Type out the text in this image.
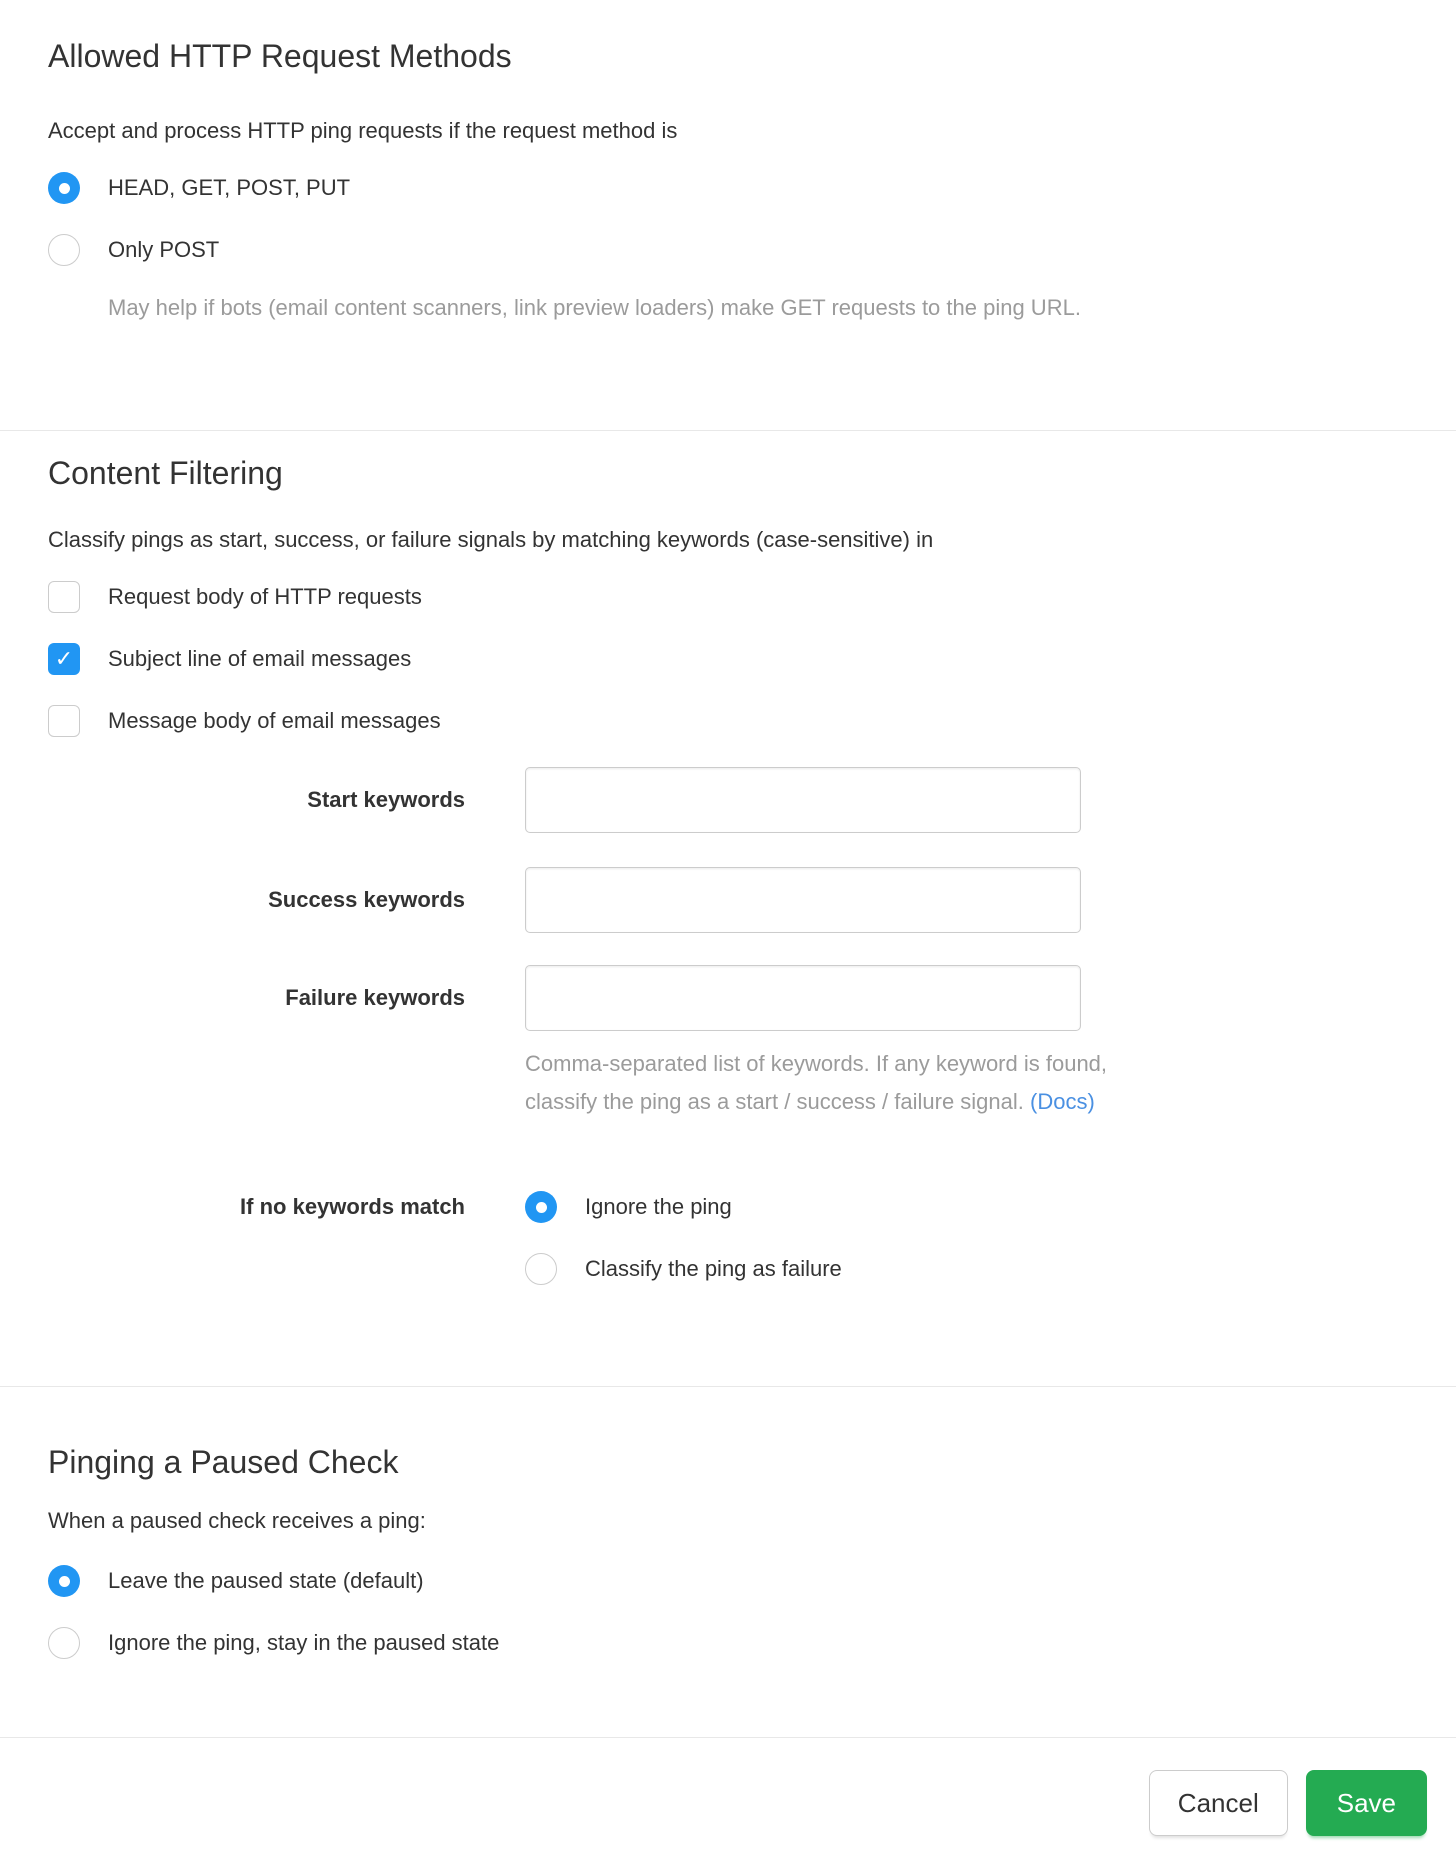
Allowed HTTP Request Methods

Accept and process HTTP ping requests if the request method is

HEAD, GET, POST, PUT
Only POST

May help if bots (email content scanners, link preview loaders) make GET requests to the ping URL.

Content Filtering

Classify pings as start, success, or failure signals by matching keywords (case-sensitive) in

Request body of HTTP requests
✓ Subject line of email messages
Message body of email messages
Start keywords
Success keywords
Failure keywords
Comma-separated list of keywords. If any keyword is found,
classify the ping as a start / success / failure signal. (Docs)
If no keywords match	Ignore the ping
Classify the ping as failure
Pinging a Paused Check

When a paused check receives a ping:

Leave the paused state (default)
Ignore the ping, stay in the paused state
Cancel	Save
